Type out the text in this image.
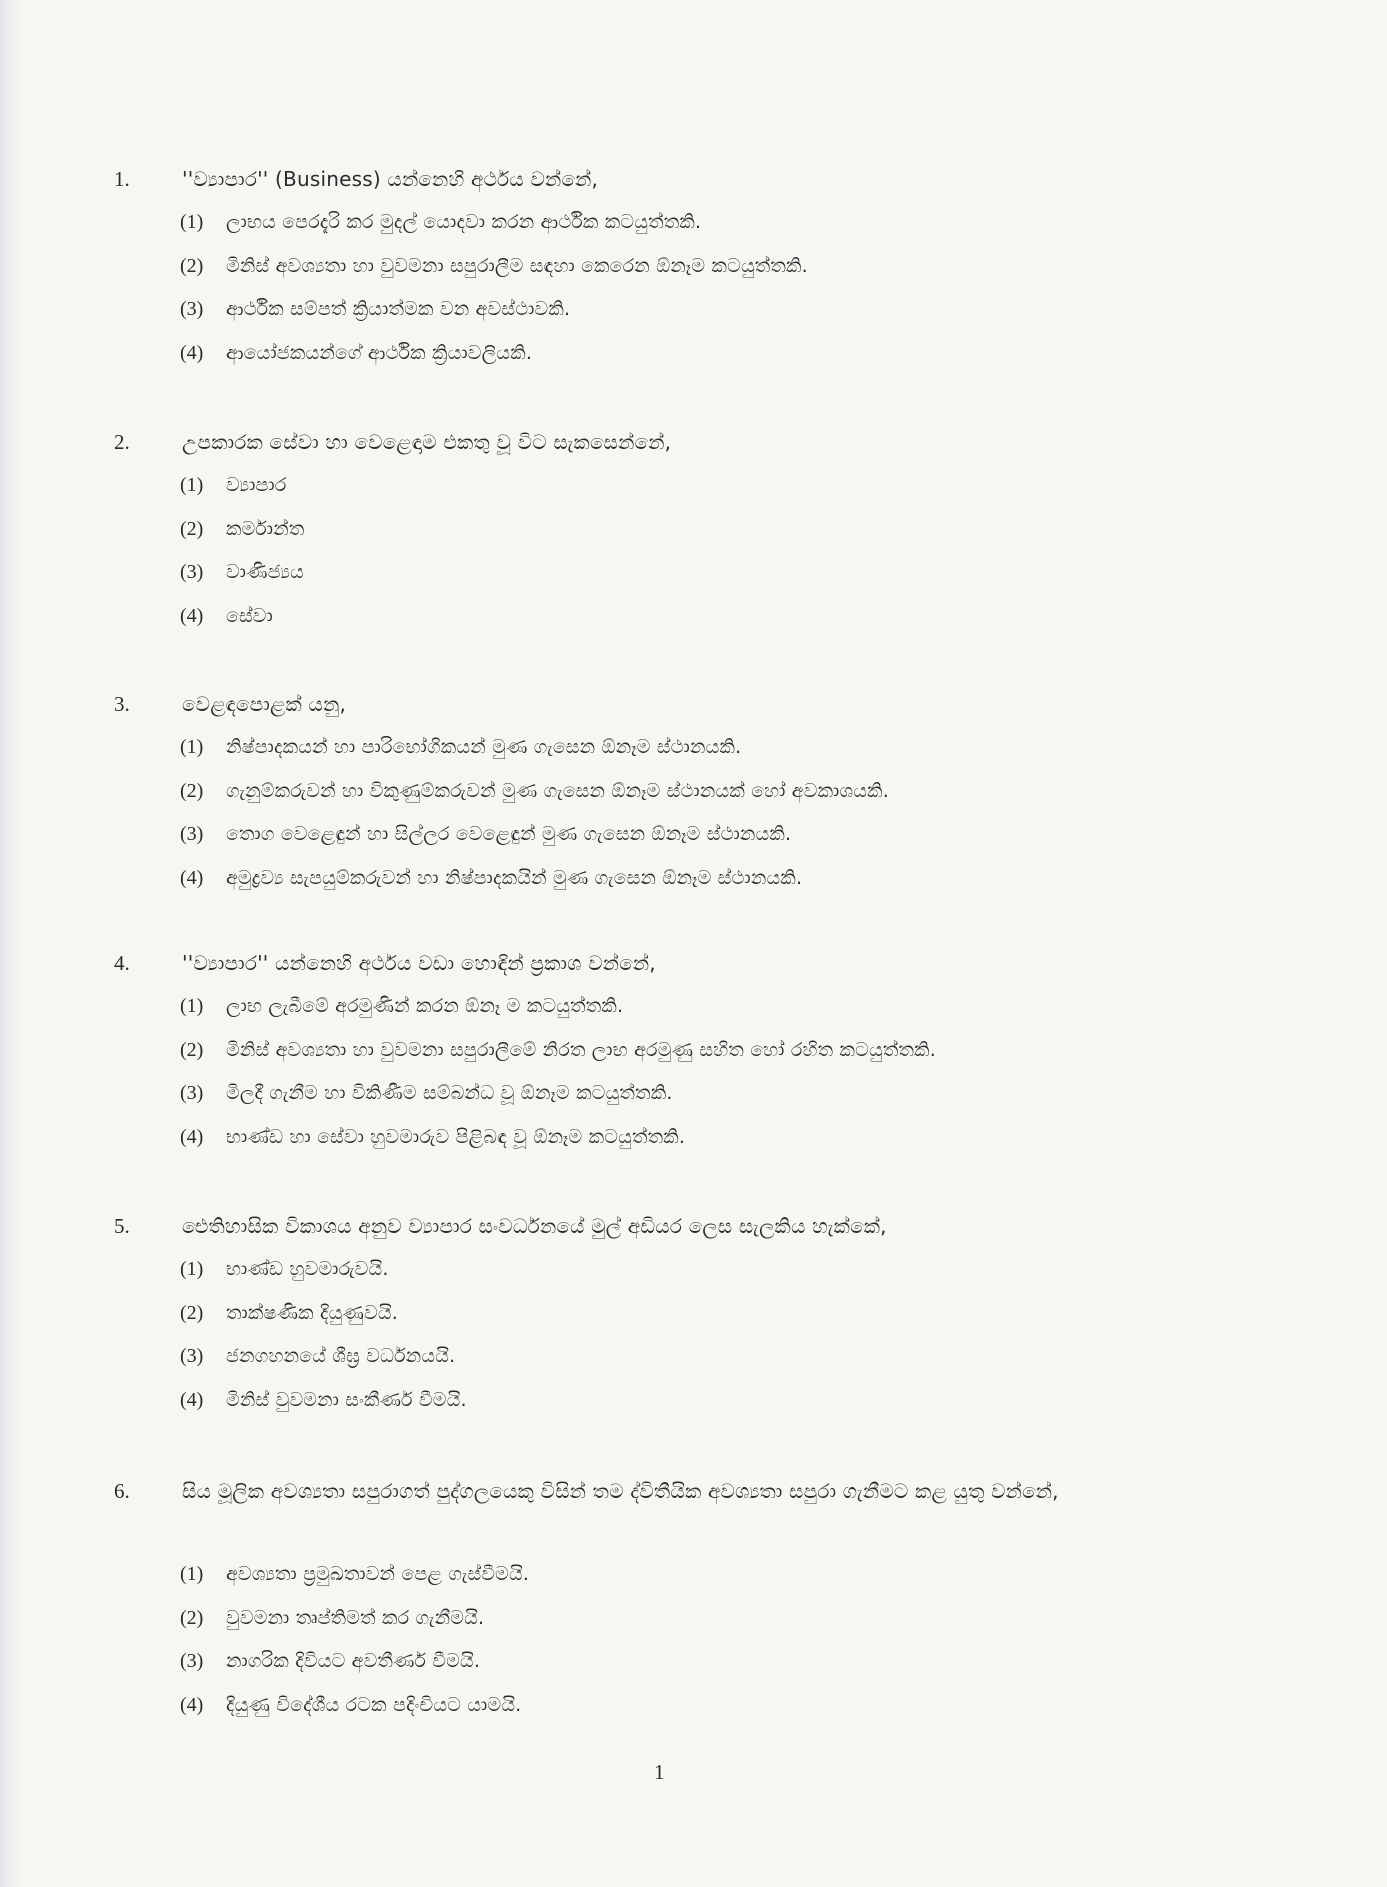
1.	''ව්‍යාපාර'' (Business) යන්නෙහි අර්ථය වන්නේ,
(1) ලාභය පෙරදැරි කර මුදල් යොදවා කරන ආර්ථික කටයුත්තකි.
(2) මිනිස් අවශ්‍යතා හා වුවමනා සපුරාලීම සඳහා කෙරෙන ඕනෑම කටයුත්තකි.
(3) ආර්ථික සම්පත් ක්‍රියාත්මක වන අවස්ථාවකි.
(4) ආයෝජකයන්ගේ ආර්ථික ක්‍රියාවලියකි.
2.	උපකාරක සේවා හා වෙළෙඳාම එකතු වූ විට සැකසෙන්නේ,
(1) ව්‍යාපාර
(2) කර්මාන්ත
(3) වාණිජ්‍යය
(4) සේවා
3.	වෙළඳපොළක් යනු,
(1) නිෂ්පාදකයන් හා පාරිභෝගිකයන් මුණ ගැසෙන ඕනෑම ස්ථානයකි.
(2) ගැනුම්කරුවන් හා විකුණුම්කරුවන් මුණ ගැසෙන ඕනෑම ස්ථානයක් හෝ අවකාශයකි.
(3) තොග වෙළෙඳුන් හා සිල්ලර වෙළෙඳුන් මුණ ගැසෙන ඕනෑම ස්ථානයකි.
(4) අමුද්‍රව්‍ය සැපයුම්කරුවන් හා නිෂ්පාදකයින් මුණ ගැසෙන ඕනෑම ස්ථානයකි.
4.	''ව්‍යාපාර'' යන්නෙහි අර්ථය වඩා හොඳින් ප්‍රකාශ වන්නේ,
(1) ලාභ ලැබීමේ අරමුණින් කරන ඕනෑ ම කටයුත්තකි.
(2) මිනිස් අවශ්‍යතා හා වුවමනා සපුරාලීමේ නිරත ලාභ අරමුණු සහිත හෝ රහිත කටයුත්තකි.
(3) මිලදී ගැනීම හා විකිණීම සම්බන්ධ වූ ඕනෑම කටයුත්තකි.
(4) භාණ්ඩ හා සේවා හුවමාරුව පිළිබඳ වූ ඕනෑම කටයුත්තකි.
5.	ඓතිහාසික විකාශය අනුව ව්‍යාපාර සංවර්ධනයේ මුල් අඩියර ලෙස සැලකිය හැක්කේ,
(1) භාණ්ඩ හුවමාරුවයි.
(2) තාක්ෂණික දියුණුවයි.
(3) ජනගහනයේ ශීඝ්‍ර වර්ධනයයි.
(4) මිනිස් වුවමනා සංකීර්ණ වීමයි.
6.	සිය මූලික අවශ්‍යතා සපුරාගත් පුද්ගලයෙකු විසින් තම ද්විතීයික අවශ්‍යතා සපුරා ගැනීමට කළ යුතු වන්නේ,
(1) අවශ්‍යතා ප්‍රමුඛතාවන් පෙළ ගැස්වීමයි.
(2) වුවමනා තෘප්තිමත් කර ගැනීමයි.
(3) නාගරික දිවියට අවතීර්ණ වීමයි.
(4) දියුණු විදේශීය රටක පදිංචියට යාමයි.
1
